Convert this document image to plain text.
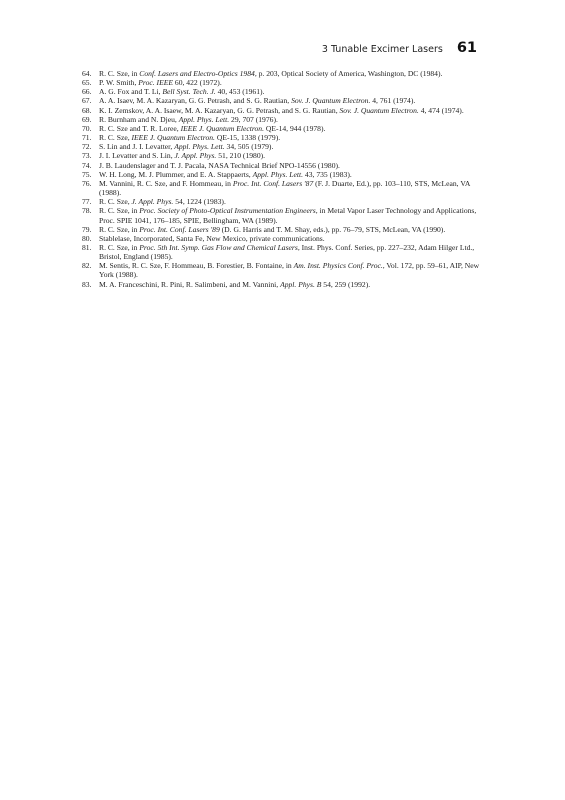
3 Tunable Excimer Lasers 61
64. R. C. Sze, in Conf. Lasers and Electro-Optics 1984, p. 203, Optical Society of America, Washington, DC (1984).
65. P. W. Smith, Proc. IEEE 60, 422 (1972).
66. A. G. Fox and T. Li, Bell Syst. Tech. J. 40, 453 (1961).
67. A. A. Isaev, M. A. Kazaryan, G. G. Petrash, and S. G. Rautian, Sov. J. Quantum Electron. 4, 761 (1974).
68. K. I. Zemskov, A. A. Isaew, M. A. Kazaryan, G. G. Petrash, and S. G. Rautian, Sov. J. Quantum Electron. 4, 474 (1974).
69. R. Burnham and N. Djeu, Appl. Phys. Lett. 29, 707 (1976).
70. R. C. Sze and T. R. Loree, IEEE J. Quantum Electron. QE-14, 944 (1978).
71. R. C. Sze, IEEE J. Quantum Electron. QE-15, 1338 (1979).
72. S. Lin and J. I. Levatter, Appl. Phys. Lett. 34, 505 (1979).
73. J. I. Levatter and S. Lin, J. Appl. Phys. 51, 210 (1980).
74. J. B. Laudenslager and T. J. Pacala, NASA Technical Brief NPO-14556 (1980).
75. W. H. Long, M. J. Plummer, and E. A. Stappaerts, Appl. Phys. Lett. 43, 735 (1983).
76. M. Vannini, R. C. Sze, and F. Hommeau, in Proc. Int. Conf. Lasers '87 (F. J. Duarte, Ed.), pp. 103–110, STS, McLean, VA (1988).
77. R. C. Sze, J. Appl. Phys. 54, 1224 (1983).
78. R. C. Sze, in Proc. Society of Photo-Optical Instrumentation Engineers, in Metal Vapor Laser Technology and Applications, Proc. SPIE 1041, 176–185, SPIE, Bellingham, WA (1989).
79. R. C. Sze, in Proc. Int. Conf. Lasers '89 (D. G. Harris and T. M. Shay, eds.), pp. 76–79, STS, McLean, VA (1990).
80. Stablelase, Incorporated, Santa Fe, New Mexico, private communications.
81. R. C. Sze, in Proc. 5th Int. Symp. Gas Flow and Chemical Lasers, Inst. Phys. Conf. Series, pp. 227–232, Adam Hilger Ltd., Bristol, England (1985).
82. M. Sentis, R. C. Sze, F. Hommeau, B. Forestier, B. Fontaine, in Am. Inst. Physics Conf. Proc., Vol. 172, pp. 59–61, AIP, New York (1988).
83. M. A. Franceschini, R. Pini, R. Salimbeni, and M. Vannini, Appl. Phys. B 54, 259 (1992).
